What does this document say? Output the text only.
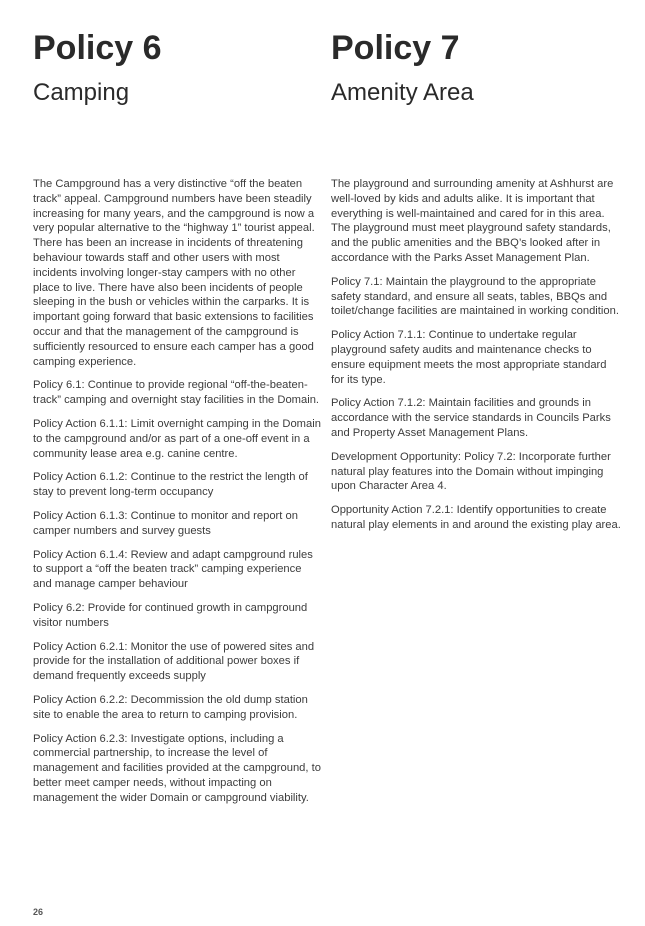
Policy 6
Camping

The Campground has a very distinctive “off the beaten track” appeal. Campground numbers have been steadily increasing for many years, and the campground is now a very popular alternative to the “highway 1” tourist appeal. There has been an increase in incidents of threatening behaviour towards staff and other users with most incidents involving longer-stay campers with no other place to live. There have also been incidents of people sleeping in the bush or vehicles within the carparks. It is important going forward that basic extensions to facilities occur and that the management of the campground is sufficiently resourced to ensure each camper has a good camping experience.

Policy 6.1: Continue to provide regional “off-the-beaten-track” camping and overnight stay facilities in the Domain.

Policy Action 6.1.1: Limit overnight camping in the Domain to the campground and/or as part of a one-off event in a community lease area e.g. canine centre.

Policy Action 6.1.2: Continue to the restrict the length of stay to prevent long-term occupancy

Policy Action 6.1.3: Continue to monitor and report on camper numbers and survey guests

Policy Action 6.1.4: Review and adapt campground rules to support a “off the beaten track” camping experience and manage camper behaviour

Policy 6.2: Provide for continued growth in campground visitor numbers

Policy Action 6.2.1: Monitor the use of powered sites and provide for the installation of additional power boxes if demand frequently exceeds supply

Policy Action 6.2.2: Decommission the old dump station site to enable the area to return to camping provision.

Policy Action 6.2.3: Investigate options, including a commercial partnership, to increase the level of management and facilities provided at the campground, to better meet camper needs, without impacting on management the wider Domain or campground viability.

Policy 7
Amenity Area

The playground and surrounding amenity at Ashhurst are well-loved by kids and adults alike. It is important that everything is well-maintained and cared for in this area. The playground must meet playground safety standards, and the public amenities and the BBQ’s looked after in accordance with the Parks Asset Management Plan.

Policy 7.1: Maintain the playground to the appropriate safety standard, and ensure all seats, tables, BBQs and toilet/change facilities are maintained in working condition.

Policy Action 7.1.1: Continue to undertake regular playground safety audits and maintenance checks to ensure equipment meets the most appropriate standard for its type.

Policy Action 7.1.2: Maintain facilities and grounds in accordance with the service standards in Councils Parks and Property Asset Management Plans.

Development Opportunity: Policy 7.2: Incorporate further natural play features into the Domain without impinging upon Character Area 4.

Opportunity Action 7.2.1: Identify opportunities to create natural play elements in and around the existing play area.

26
